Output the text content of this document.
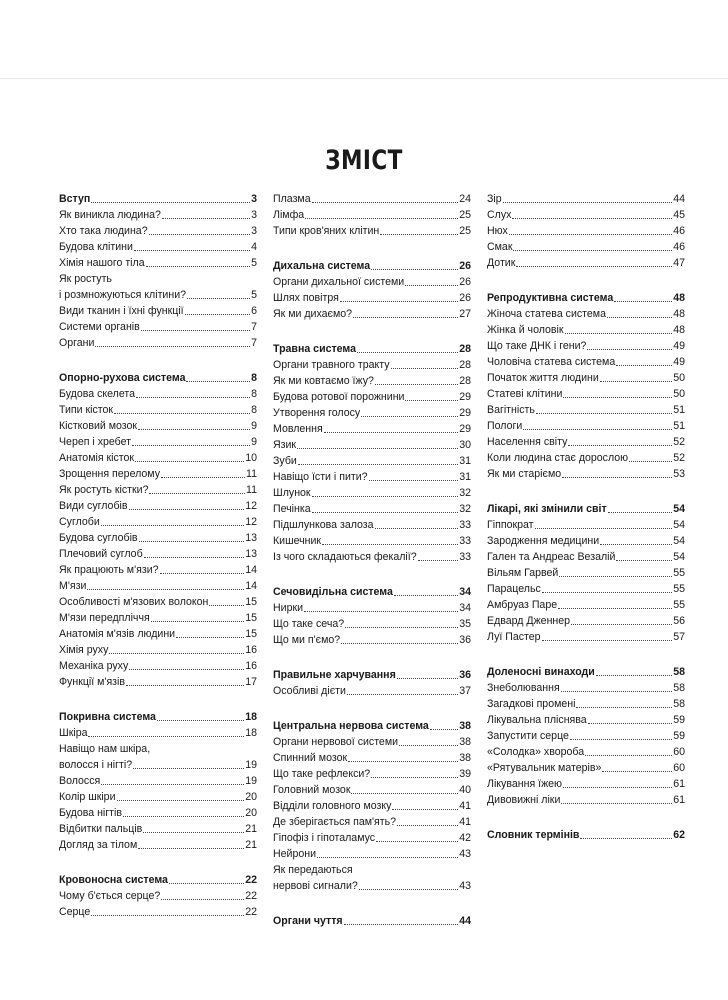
ЗМІСТ
Вступ	3
Як виникла людина?	3
Хто така людина?	3
Будова клітини	4
Хімія нашого тіла	5
Як ростуть
і розмножуються клітини?	5
Види тканин і їхні функції	6
Системи органів	7
Органи	7
Опорно-рухова система	8
Будова скелета	8
Типи кісток	8
Кістковий мозок	9
Череп і хребет	9
Анатомія кісток	10
Зрощення перелому	11
Як ростуть кістки?	11
Види суглобів	12
Суглоби	12
Будова суглобів	13
Плечовий суглоб	13
Як працюють м'язи?	14
М'язи	14
Особливості м'язових волокон	15
М'язи передпліччя	15
Анатомія м'язів людини	15
Хімія руху	16
Механіка руху	16
Функції м'язів	17
Покривна система	18
Шкіра	18
Навіщо нам шкіра,
волосся і нігті?	19
Волосся	19
Колір шкіри	20
Будова нігтів	20
Відбитки пальців	21
Догляд за тілом	21
Кровоносна система	22
Чому б'ється серце?	22
Серце	22
Плазма	24
Лімфа	25
Типи кров'яних клітин	25
Дихальна система	26
Органи дихальної системи	26
Шлях повітря	26
Як ми дихаємо?	27
Травна система	28
Органи травного тракту	28
Як ми ковтаємо їжу?	28
Будова ротової порожнини	29
Утворення голосу	29
Мовлення	29
Язик	30
Зуби	31
Навіщо їсти і пити?	31
Шлунок	32
Печінка	32
Підшлункова залоза	33
Кишечник	33
Із чого складаються фекалії?	33
Сечовидільна система	34
Нирки	34
Що таке сеча?	35
Що ми п'ємо?	36
Правильне харчування	36
Особливі дієти	37
Центральна нервова система	38
Органи нервової системи	38
Спинний мозок	38
Що таке рефлекси?	39
Головний мозок	40
Відділи головного мозку	41
Де зберігається пам'ять?	41
Гіпофіз і гіпоталамус	42
Нейрони	43
Як передаються
нервові сигнали?	43
Органи чуття	44
Зір	44
Слух	45
Нюх	46
Смак	46
Дотик	47
Репродуктивна система	48
Жіноча статева система	48
Жінка й чоловік	48
Що таке ДНК і гени?	49
Чоловіча статева система	49
Початок життя людини	50
Статеві клітини	50
Вагітність	51
Пологи	51
Населення світу	52
Коли людина стає дорослою	52
Як ми старіємо	53
Лікарі, які змінили світ	54
Гіппократ	54
Зародження медицини	54
Гален та Андреас Везалій	54
Вільям Гарвей	55
Парацельс	55
Амбруаз Паре	55
Едвард Дженнер	56
Луї Пастер	57
Доленосні винаходи	58
Знеболювання	58
Загадкові промені	58
Лікувальна пліснява	59
Запустити серце	59
«Солодка» хвороба	60
«Рятувальник матерів»	60
Лікування їжею	61
Дивовижні ліки	61
Словник термінів	62
